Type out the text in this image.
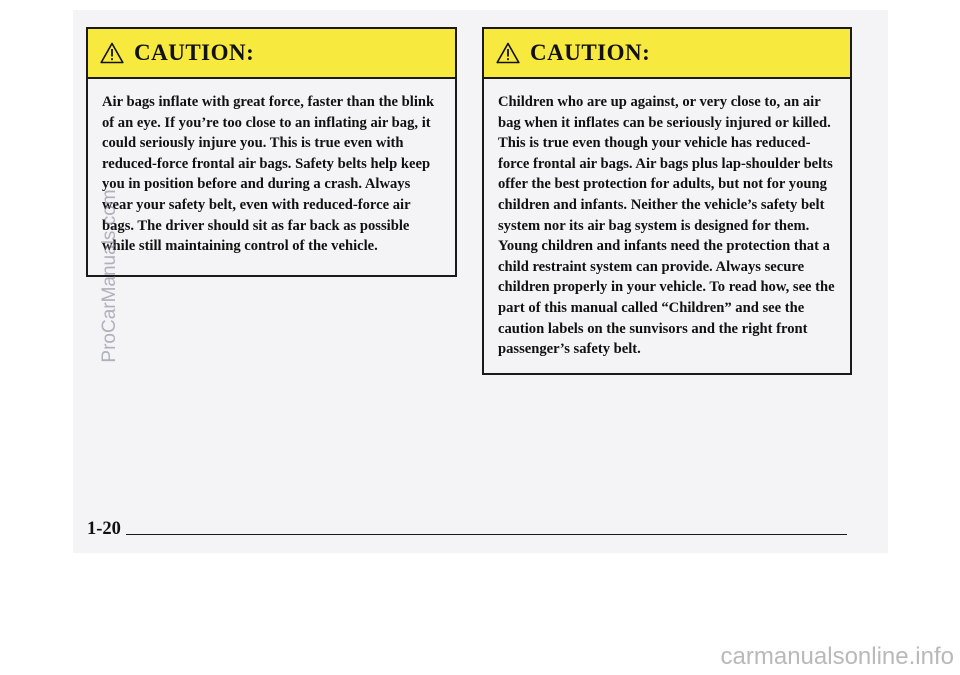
CAUTION:
Air bags inflate with great force, faster than the blink of an eye. If you’re too close to an inflating air bag, it could seriously injure you. This is true even with reduced-force frontal air bags. Safety belts help keep you in position before and during a crash. Always wear your safety belt, even with reduced-force air bags. The driver should sit as far back as possible while still maintaining control of the vehicle.
CAUTION:
Children who are up against, or very close to, an air bag when it inflates can be seriously injured or killed. This is true even though your vehicle has reduced-force frontal air bags. Air bags plus lap-shoulder belts offer the best protection for adults, but not for young children and infants. Neither the vehicle’s safety belt system nor its air bag system is designed for them. Young children and infants need the protection that a child restraint system can provide. Always secure children properly in your vehicle. To read how, see the part of this manual called “Children” and see the caution labels on the sunvisors and the right front passenger’s safety belt.
1-20
ProCarManuals.com
carmanualsonline.info
